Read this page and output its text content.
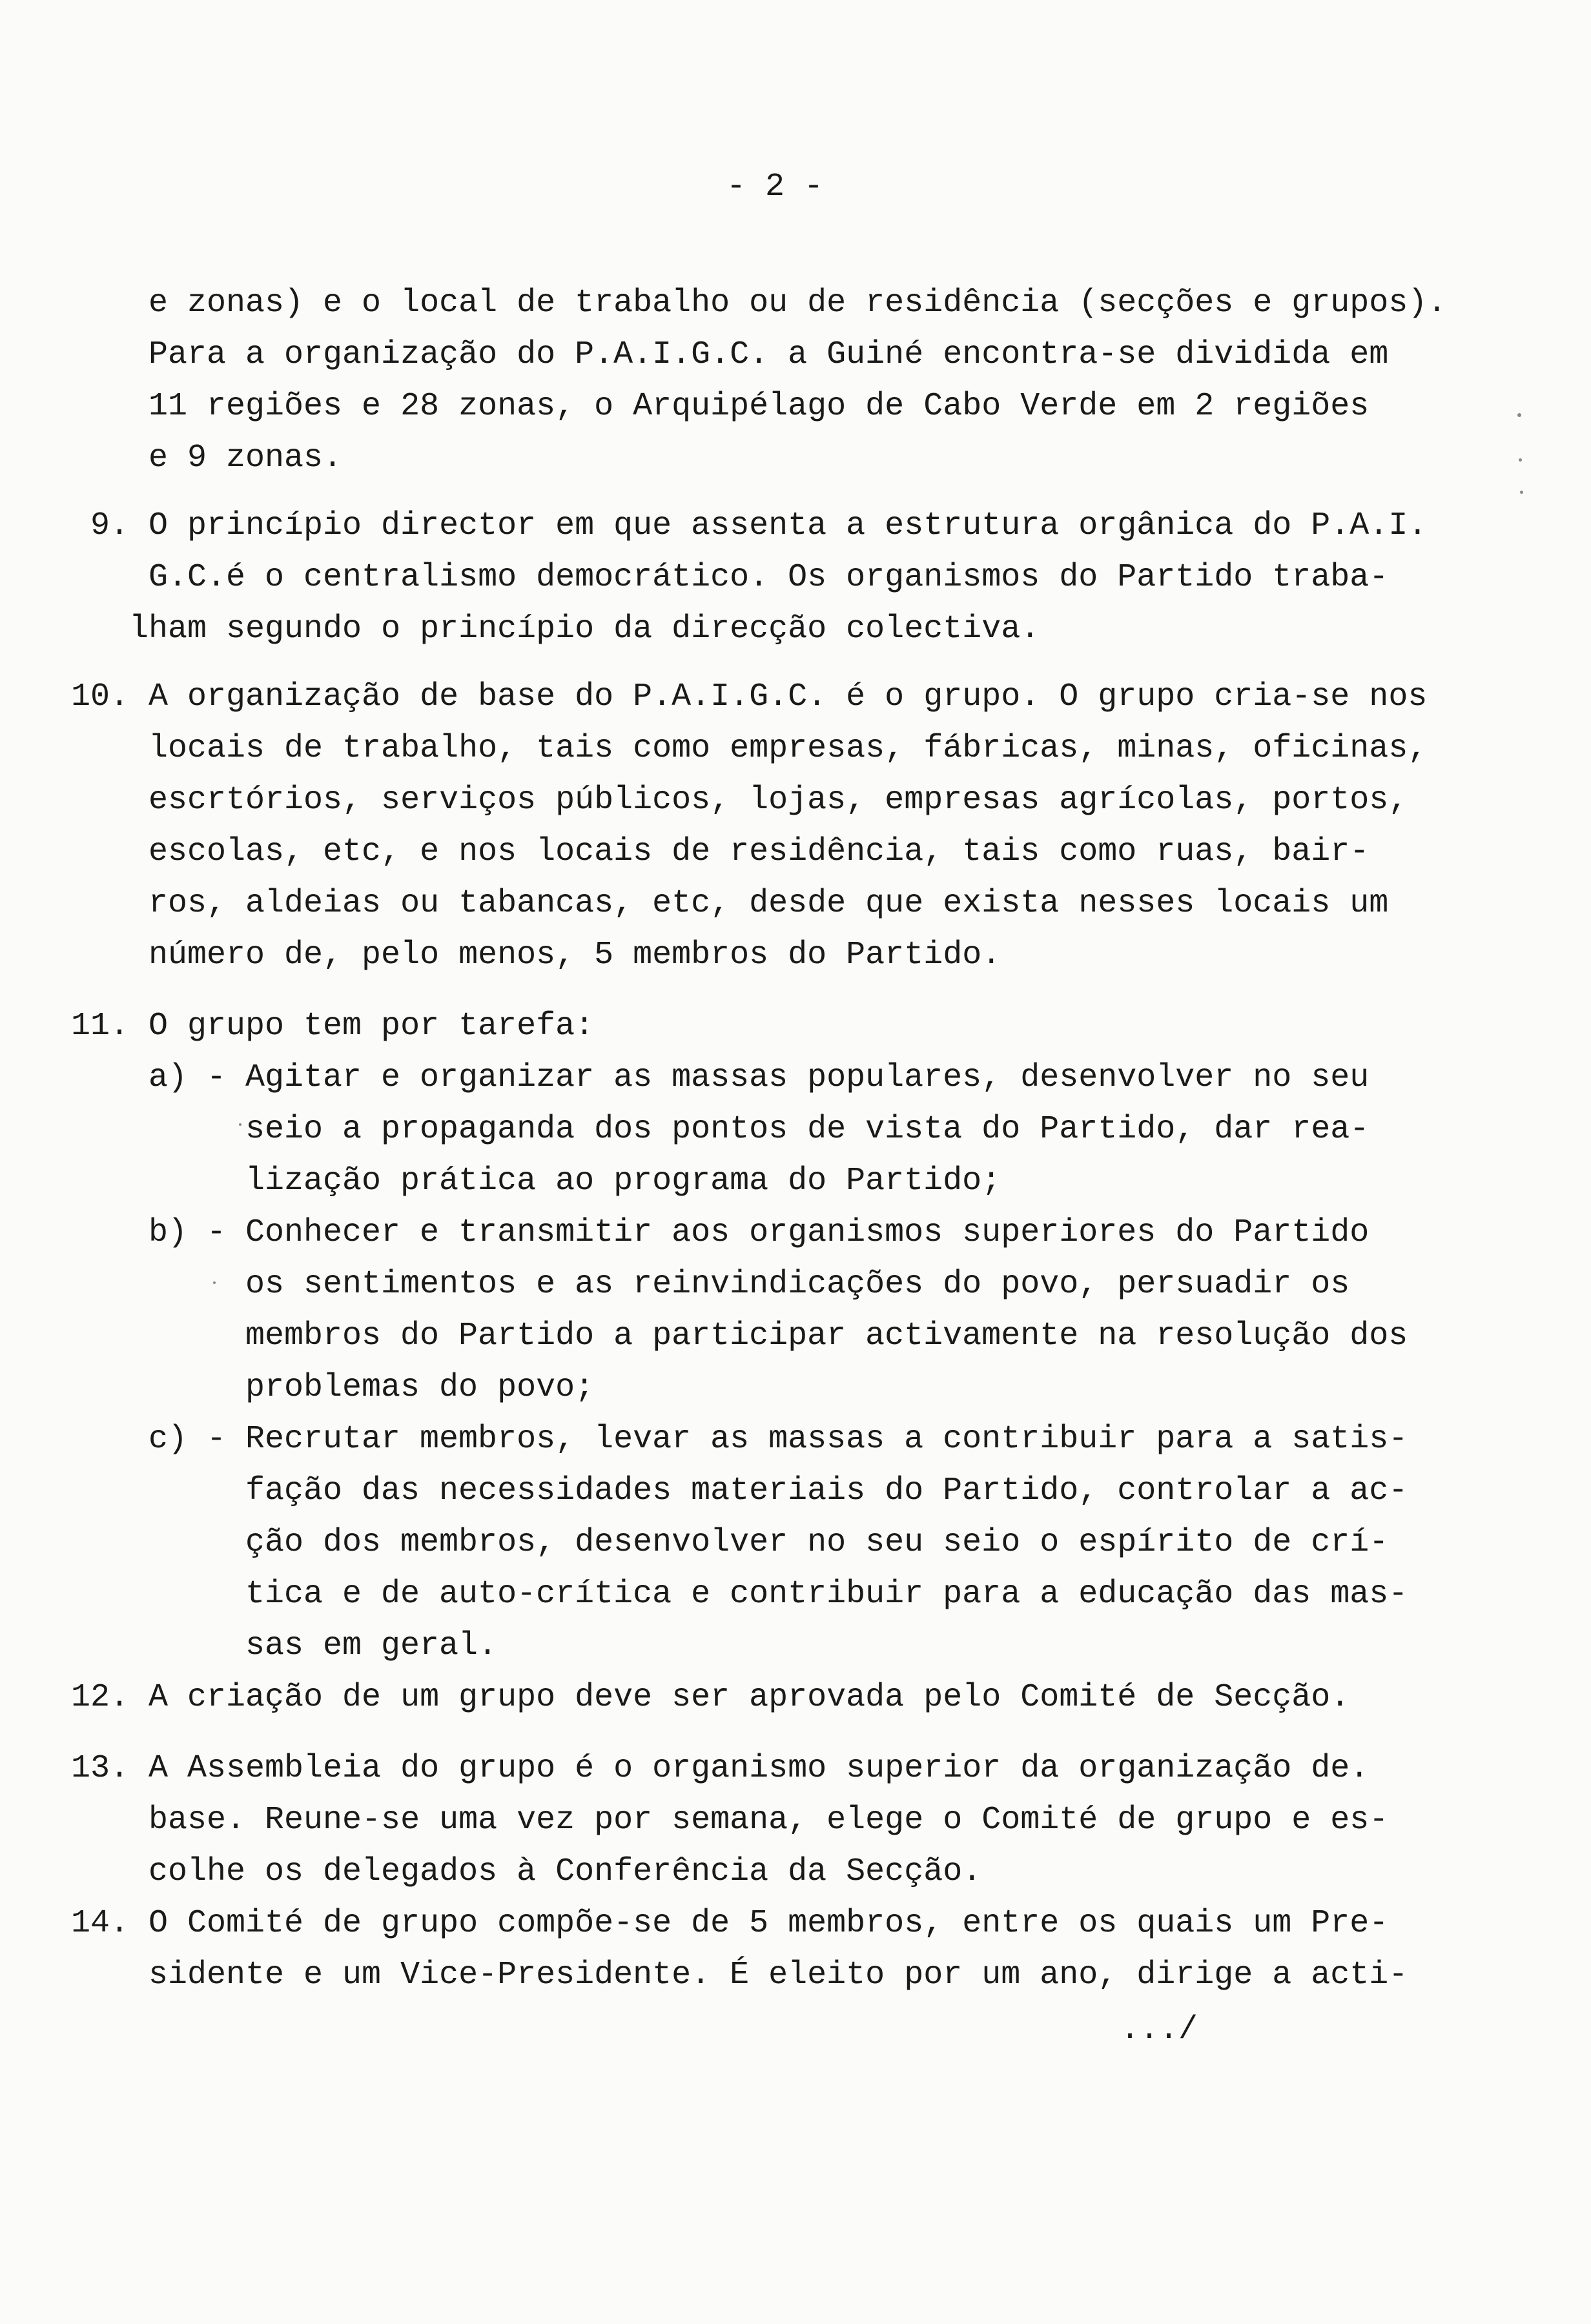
- 2 -
e zonas) e o local de trabalho ou de residência (secções e grupos).
Para a organização do P.A.I.G.C. a Guiné encontra-se dividida em
11 regiões e 28 zonas, o Arquipélago de Cabo Verde em 2 regiões
e 9 zonas.
9. O princípio director em que assenta a estrutura orgânica do P.A.I.
G.C.é o centralismo democrático. Os organismos do Partido traba-
lham segundo o princípio da direcção colectiva.
10. A organização de base do P.A.I.G.C. é o grupo. O grupo cria-se nos
locais de trabalho, tais como empresas, fábricas, minas, oficinas,
escrtórios, serviços públicos, lojas, empresas agrícolas, portos,
escolas, etc, e nos locais de residência, tais como ruas, bair-
ros, aldeias ou tabancas, etc, desde que exista nesses locais um
número de, pelo menos, 5 membros do Partido.
11. O grupo tem por tarefa:
a) - Agitar e organizar as massas populares, desenvolver no seu
seio a propaganda dos pontos de vista do Partido, dar rea-
lização prática ao programa do Partido;
b) - Conhecer e transmitir aos organismos superiores do Partido
os sentimentos e as reinvindicações do povo, persuadir os
membros do Partido a participar activamente na resolução dos
problemas do povo;
c) - Recrutar membros, levar as massas a contribuir para a satis-
fação das necessidades materiais do Partido, controlar a ac-
ção dos membros, desenvolver no seu seio o espírito de crí-
tica e de auto-crítica e contribuir para a educação das mas-
sas em geral.
12. A criação de um grupo deve ser aprovada pelo Comité de Secção.
13. A Assembleia do grupo é o organismo superior da organização de.
base. Reune-se uma vez por semana, elege o Comité de grupo e es-
colhe os delegados à Conferência da Secção.
14. O Comité de grupo compõe-se de 5 membros, entre os quais um Pre-
sidente e um Vice-Presidente. É eleito por um ano, dirige a acti-
.../
